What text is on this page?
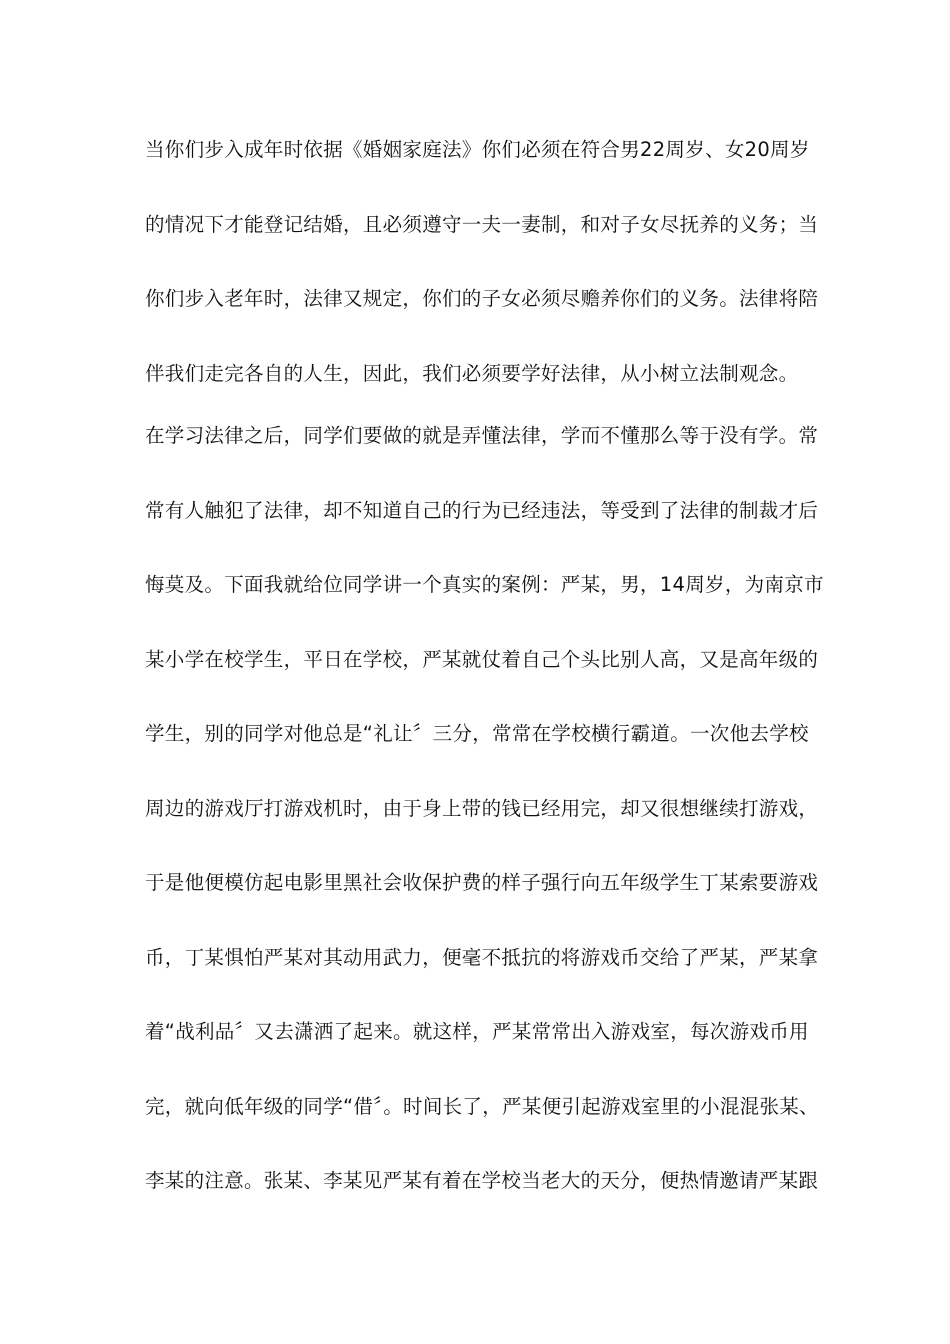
当你们步入成年时依据《婚姻家庭法》你们必须在符合男22周岁、女20周岁
的情况下才能登记结婚，且必须遵守一夫一妻制，和对子女尽抚养的义务；当
你们步入老年时，法律又规定，你们的子女必须尽赡养你们的义务。法律将陪
伴我们走完各自的人生，因此，我们必须要学好法律，从小树立法制观念。
在学习法律之后，同学们要做的就是弄懂法律，学而不懂那么等于没有学。常
常有人触犯了法律，却不知道自己的行为已经违法，等受到了法律的制裁才后
悔莫及。下面我就给位同学讲一个真实的案例：严某，男，14周岁，为南京市
某小学在校学生，平日在学校，严某就仗着自己个头比别人高，又是高年级的
学生，别的同学对他总是“礼让〞三分，常常在学校横行霸道。一次他去学校
周边的游戏厅打游戏机时，由于身上带的钱已经用完，却又很想继续打游戏，
于是他便模仿起电影里黑社会收保护费的样子强行向五年级学生丁某索要游戏
币，丁某惧怕严某对其动用武力，便毫不抵抗的将游戏币交给了严某，严某拿
着“战利品〞又去潇洒了起来。就这样，严某常常出入游戏室，每次游戏币用
完，就向低年级的同学“借〞。时间长了，严某便引起游戏室里的小混混张某、
李某的注意。张某、李某见严某有着在学校当老大的天分，便热情邀请严某跟
